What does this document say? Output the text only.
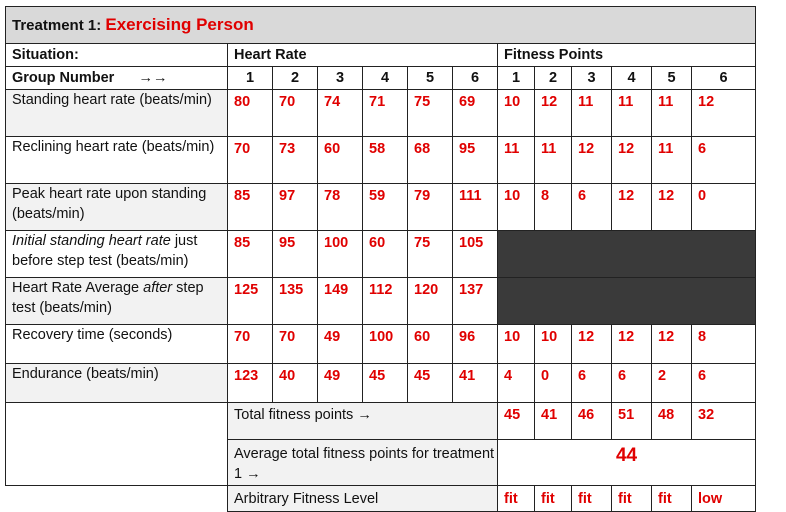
Treatment 1: Exercising Person												
Situation:	Heart Rate						Fitness Points					
Group Number      →→	1	2	3	4	5	6	1	2	3	4	5	6
Standing heart rate (beats/min)	80	70	74	71	75	69	10	12	11	11	11	12
Reclining heart rate (beats/min)	70	73	60	58	68	95	11	11	12	12	11	6
Peak heart rate upon standing (beats/min)	85	97	78	59	79	111	10	8	6	12	12	0
Initial standing heart rate just before step test (beats/min)	85	95	100	60	75	105						
Heart Rate Average after step test (beats/min)	125	135	149	112	120	137						
Recovery time (seconds)	70	70	49	100	60	96	10	10	12	12	12	8
Endurance (beats/min)	123	40	49	45	45	41	4	0	6	6	2	6
	Total fitness points →						45	41	46	51	48	32
	Average total fitness points for treatment 1 →						44					
	Arbitrary Fitness Level						fit	fit	fit	fit	fit	low
